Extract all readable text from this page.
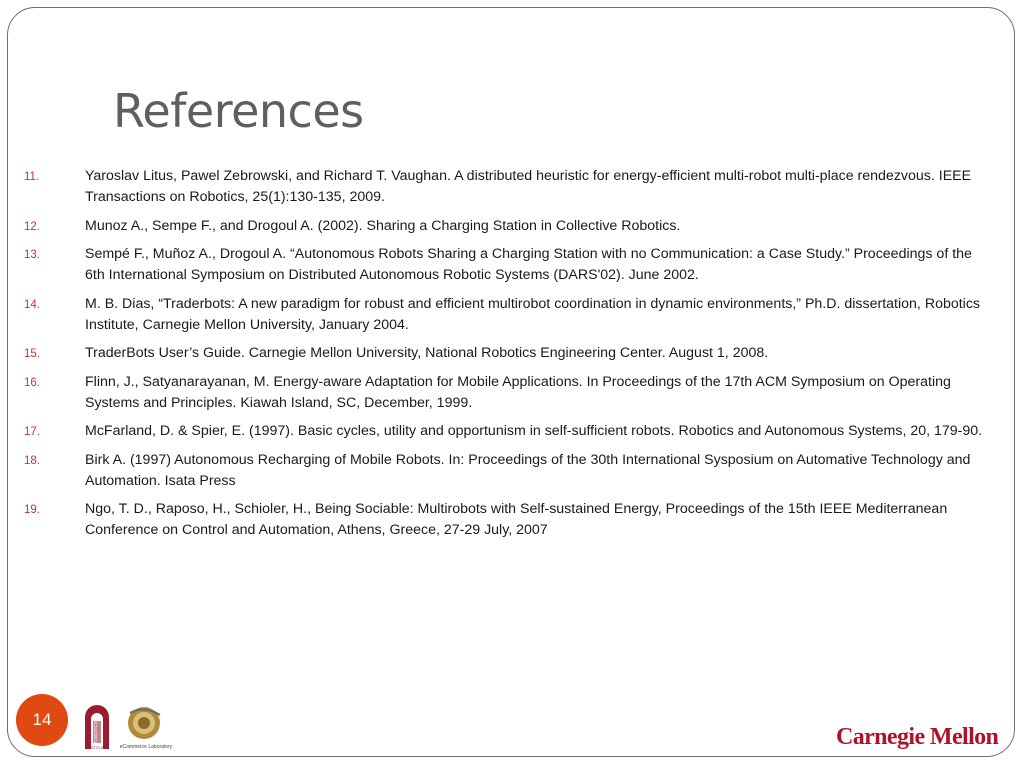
References
11.	Yaroslav Litus, Pawel Zebrowski, and Richard T. Vaughan. A distributed heuristic for energy-efficient multi-robot multi-place rendezvous. IEEE Transactions on Robotics, 25(1):130-135, 2009.
12.	Munoz A., Sempe F., and Drogoul A. (2002). Sharing a Charging Station in Collective Robotics.
13.	Sempé F., Muñoz A., Drogoul A. “Autonomous Robots Sharing a Charging Station with no Communication: a Case Study.” Proceedings of the 6th International Symposium on Distributed Autonomous Robotic Systems (DARS'02). June 2002.
14.	M. B. Dias, “Traderbots: A new paradigm for robust and efficient multirobot coordination in dynamic environments,” Ph.D. dissertation, Robotics Institute, Carnegie Mellon University, January 2004.
15.	TraderBots User’s Guide. Carnegie Mellon University, National Robotics Engineering Center. August 1, 2008.
16.	Flinn, J., Satyanarayanan, M. Energy-aware Adaptation for Mobile Applications. In Proceedings of the 17th ACM Symposium on Operating Systems and Principles. Kiawah Island, SC, December, 1999.
17.	McFarland, D. & Spier, E. (1997). Basic cycles, utility and opportunism in self-sufficient robots. Robotics and Autonomous Systems, 20, 179-90.
18.	Birk A. (1997) Autonomous Recharging of Mobile Robots. In: Proceedings of the 30th International Sysposium on Automative Technology and Automation. Isata Press
19.	Ngo, T. D., Raposo, H., Schioler, H., Being Sociable: Multirobots with Self-sustained Energy, Proceedings of the 15th IEEE Mediterranean Conference on Control and Automation, Athens, Greece, 27-29 July, 2007
14
ROBOTICS
INSTITUTE	eCommerce Laboratory	Carnegie Mellon
